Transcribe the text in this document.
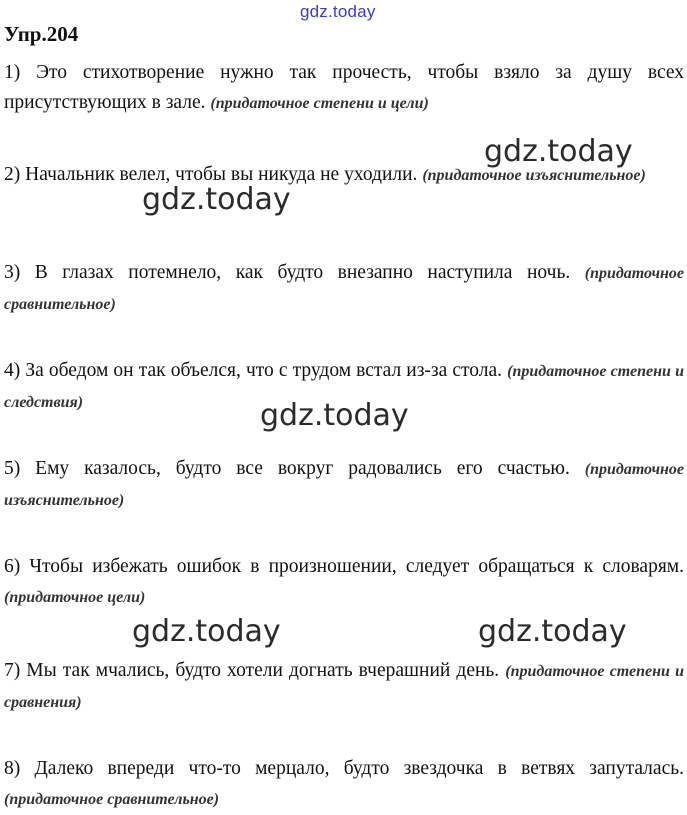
gdz.today
Упр.204
1) Это стихотворение нужно так прочесть, чтобы взяло за душу всех присутствующих в зале. (придаточное степени и цели)
2) Начальник велел, чтобы вы никуда не уходили. (придаточное изъяснительное)
3) В глазах потемнело, как будто внезапно наступила ночь. (придаточное сравнительное)
4) За обедом он так объелся, что с трудом встал из-за стола. (придаточное степени и следствия)
5) Ему казалось, будто все вокруг радовались его счастью. (придаточное изъяснительное)
6) Чтобы избежать ошибок в произношении, следует обращаться к словарям. (придаточное цели)
7) Мы так мчались, будто хотели догнать вчерашний день. (придаточное степени и сравнения)
8) Далеко впереди что-то мерцало, будто звездочка в ветвях запуталась. (придаточное сравнительное)
gdz.today
gdz.today
gdz.today
gdz.today	gdz.today
